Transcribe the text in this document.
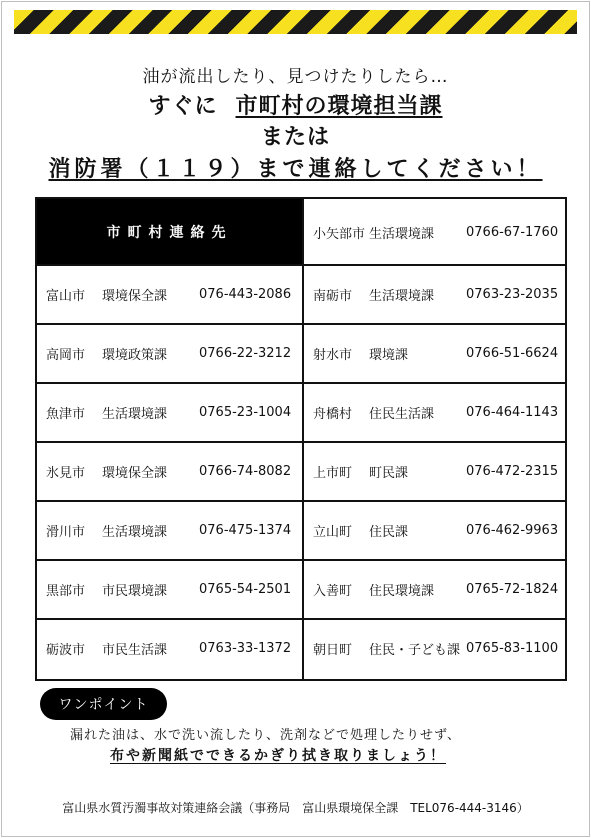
油が流出したり、見つけたりしたら…
すぐに 市町村の環境担当課
または
消防署（１１９）まで連絡してください！
市町村連絡先	小矢部市 生活環境課	0766-67-1760
富山市	環境保全課	076-443-2086 南砺市	生活環境課	0763-23-2035
高岡市	環境政策課	0766-22-3212 射水市	環境課	0766-51-6624
魚津市	生活環境課	0765-23-1004 舟橋村	住民生活課	076-464-1143
氷見市	環境保全課	0766-74-8082 上市町	町民課	076-472-2315
滑川市	生活環境課	076-475-1374 立山町	住民課	076-462-9963
黒部市	市民環境課	0765-54-2501 入善町	住民環境課	0765-72-1824
砺波市	市民生活課	0763-33-1372 朝日町	住民・子ども課 0765-83-1100
ワンポイント
漏れた油は、水で洗い流したり、洗剤などで処理したりせず、
布や新聞紙でできるかぎり拭き取りましょう！
富山県水質汚濁事故対策連絡会議（事務局　富山県環境保全課　TEL076-444-3146）
